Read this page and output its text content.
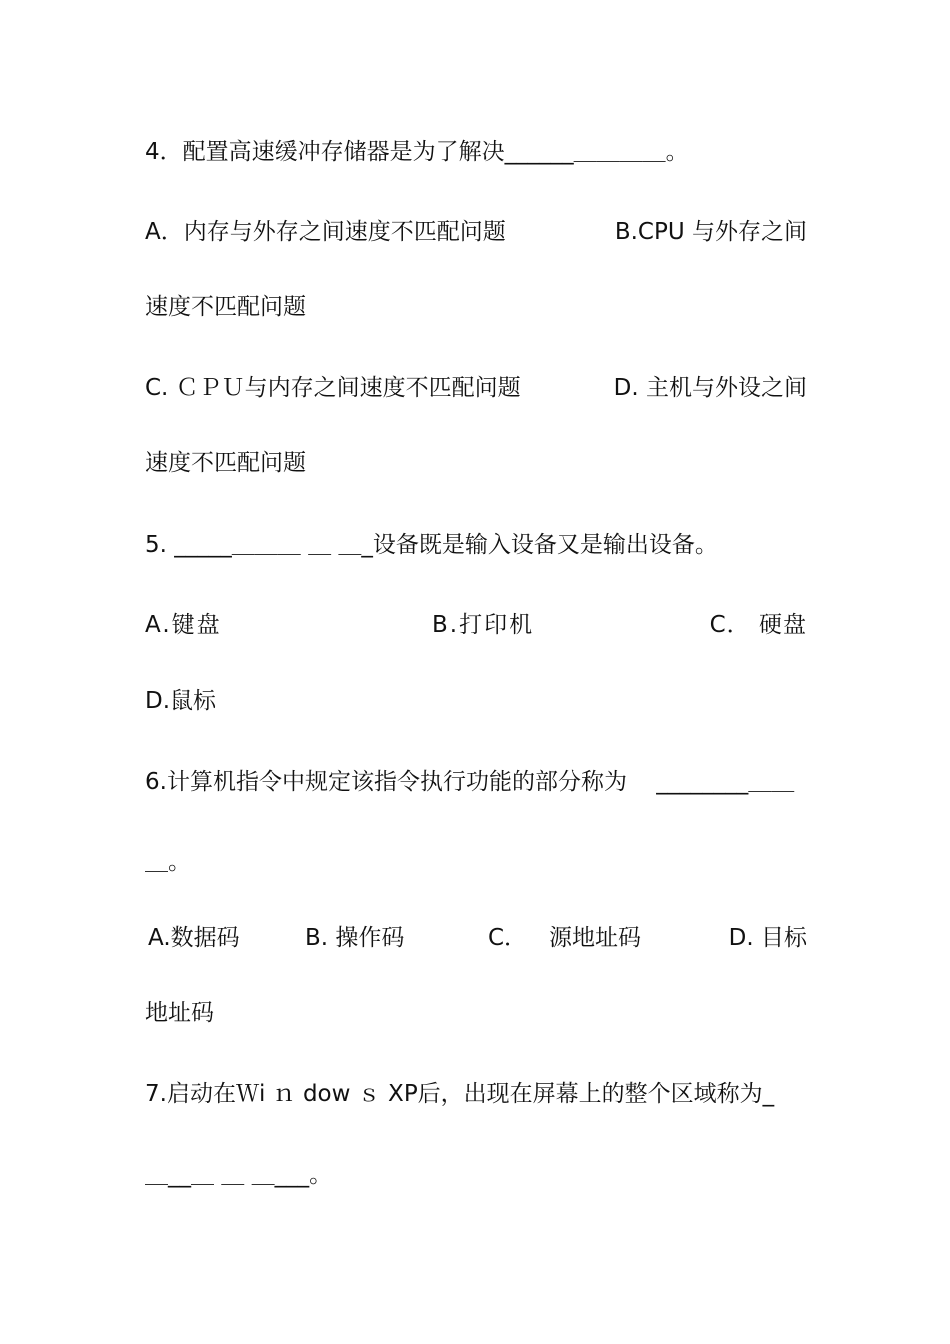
4．配置高速缓冲存储器是为了解决______＿＿＿＿。
A．内存与外存之间速度不匹配问题	B.CPU 与外存之间
速度不匹配问题
C. ＣＰＵ与内存之间速度不匹配问题	D. 主机与外设之间
速度不匹配问题
5. _____＿＿＿ ＿ ＿_设备既是输入设备又是输出设备。
A.键盘	B.打印机	C． 硬盘
D.鼠标
6.计算机指令中规定该指令执行功能的部分称为    ________＿＿
＿。
A.数据码	B. 操作码	C．   源地址码	D. 目标
地址码
7.启动在Ｗi ｎ dow ｓ XP后，出现在屏幕上的整个区域称为_
＿__＿ ＿ ＿___。
